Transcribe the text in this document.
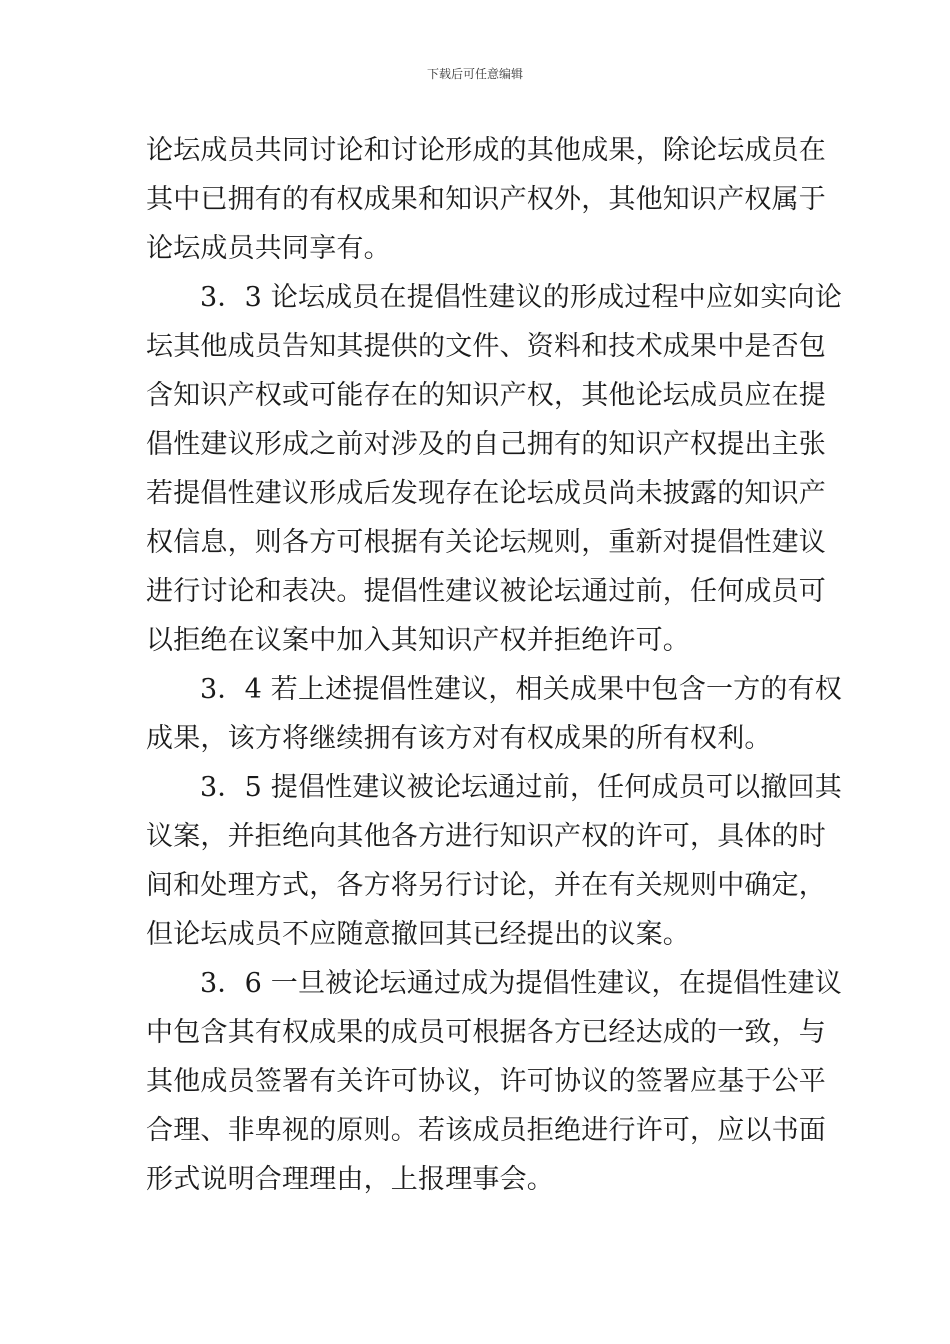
下载后可任意编辑
论坛成员共同讨论和讨论形成的其他成果，除论坛成员在
其中已拥有的有权成果和知识产权外，其他知识产权属于
论坛成员共同享有。
3．3 论坛成员在提倡性建议的形成过程中应如实向论
坛其他成员告知其提供的文件、资料和技术成果中是否包
含知识产权或可能存在的知识产权，其他论坛成员应在提
倡性建议形成之前对涉及的自己拥有的知识产权提出主张
若提倡性建议形成后发现存在论坛成员尚未披露的知识产
权信息，则各方可根据有关论坛规则，重新对提倡性建议
进行讨论和表决。提倡性建议被论坛通过前，任何成员可
以拒绝在议案中加入其知识产权并拒绝许可。
3．4 若上述提倡性建议，相关成果中包含一方的有权
成果，该方将继续拥有该方对有权成果的所有权利。
3．5 提倡性建议被论坛通过前，任何成员可以撤回其
议案，并拒绝向其他各方进行知识产权的许可，具体的时
间和处理方式，各方将另行讨论，并在有关规则中确定，
但论坛成员不应随意撤回其已经提出的议案。
3．6 一旦被论坛通过成为提倡性建议，在提倡性建议
中包含其有权成果的成员可根据各方已经达成的一致，与
其他成员签署有关许可协议，许可协议的签署应基于公平
合理、非卑视的原则。若该成员拒绝进行许可，应以书面
形式说明合理理由，上报理事会。
